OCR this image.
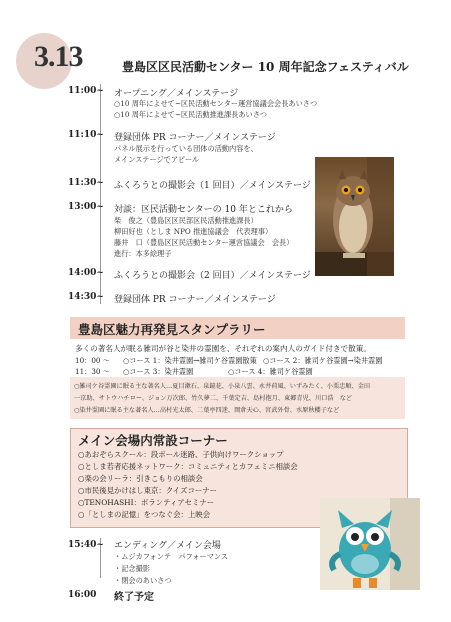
3.13	豊島区区民活動センター 10 周年記念フェスティバル
11:00~ オープニング／メインステージ
○10 周年によせて~区民活動センター運営協議会会長あいさつ
○10 周年によせて~区民活動推進課長あいさつ
11:10~ 登録団体 PR コーナー／メインステージ
パネル展示を行っている団体の活動内容を、
メインステージでアピール
11:30~ ふくろうとの撮影会（1 回目）／メインステージ
13:00~ 対談：区民活動センターの 10 年とこれから
柴　俊之（豊島区区民部区民活動推進課長）
柳田好也（としま NPO 推進協議会　代表理事）
藤井　口（豊島区区民活動センター運営協議会　会長）
進行：本多絵理子
14:00~ ふくろうとの撮影会（2 回目）／メインステージ
14:30~ 登録団体 PR コーナー／メインステージ
豊島区魅力再発見スタンプラリー
多くの著名人が眠る雑司が谷と染井の霊園を、それぞれの案内人のガイド付きで散策。
10：00 ～ ○コース 1：染井霊園→雑司ケ谷霊園散策 ○コース 2：雑司ケ谷霊園→染井霊園
11：30 ～ ○コース 3：染井霊園	○コース 4：雑司ケ谷霊園
○雑司ケ谷霊園に眠る主な著名人…夏目漱石、泉鏡花、小泉八雲、永井荷風、いずみたく、小栗忠順、金田
一京助、サトウハチロー、ジョン万次郎、竹久夢二、千葉定吉、島村抱月、東郷青児、川口浩　など
○染井霊園に眠る主な著名人…高村光太郎、二葉亭四迷、岡倉天心、宮武外骨、水原秋櫻子など
メイン会場内常設コーナー
○あおぞらスクール：段ボール迷路、子供向けワークショップ
○としま若者応援ネットワーク：コミュニティとカフェミニ相談会
○楽の会リーラ：引きこもりの相談会
○市民後見かけはし東京：クイズコーナー
○TENOHASHI：ボランティアセミナー
○「としまの記憶」をつなぐ会：上映会
15:40~ エンディング／メイン会場
・ムジカフォンテ　パフォーマンス
・記念撮影
・閉会のあいさつ
16:00 終了予定
